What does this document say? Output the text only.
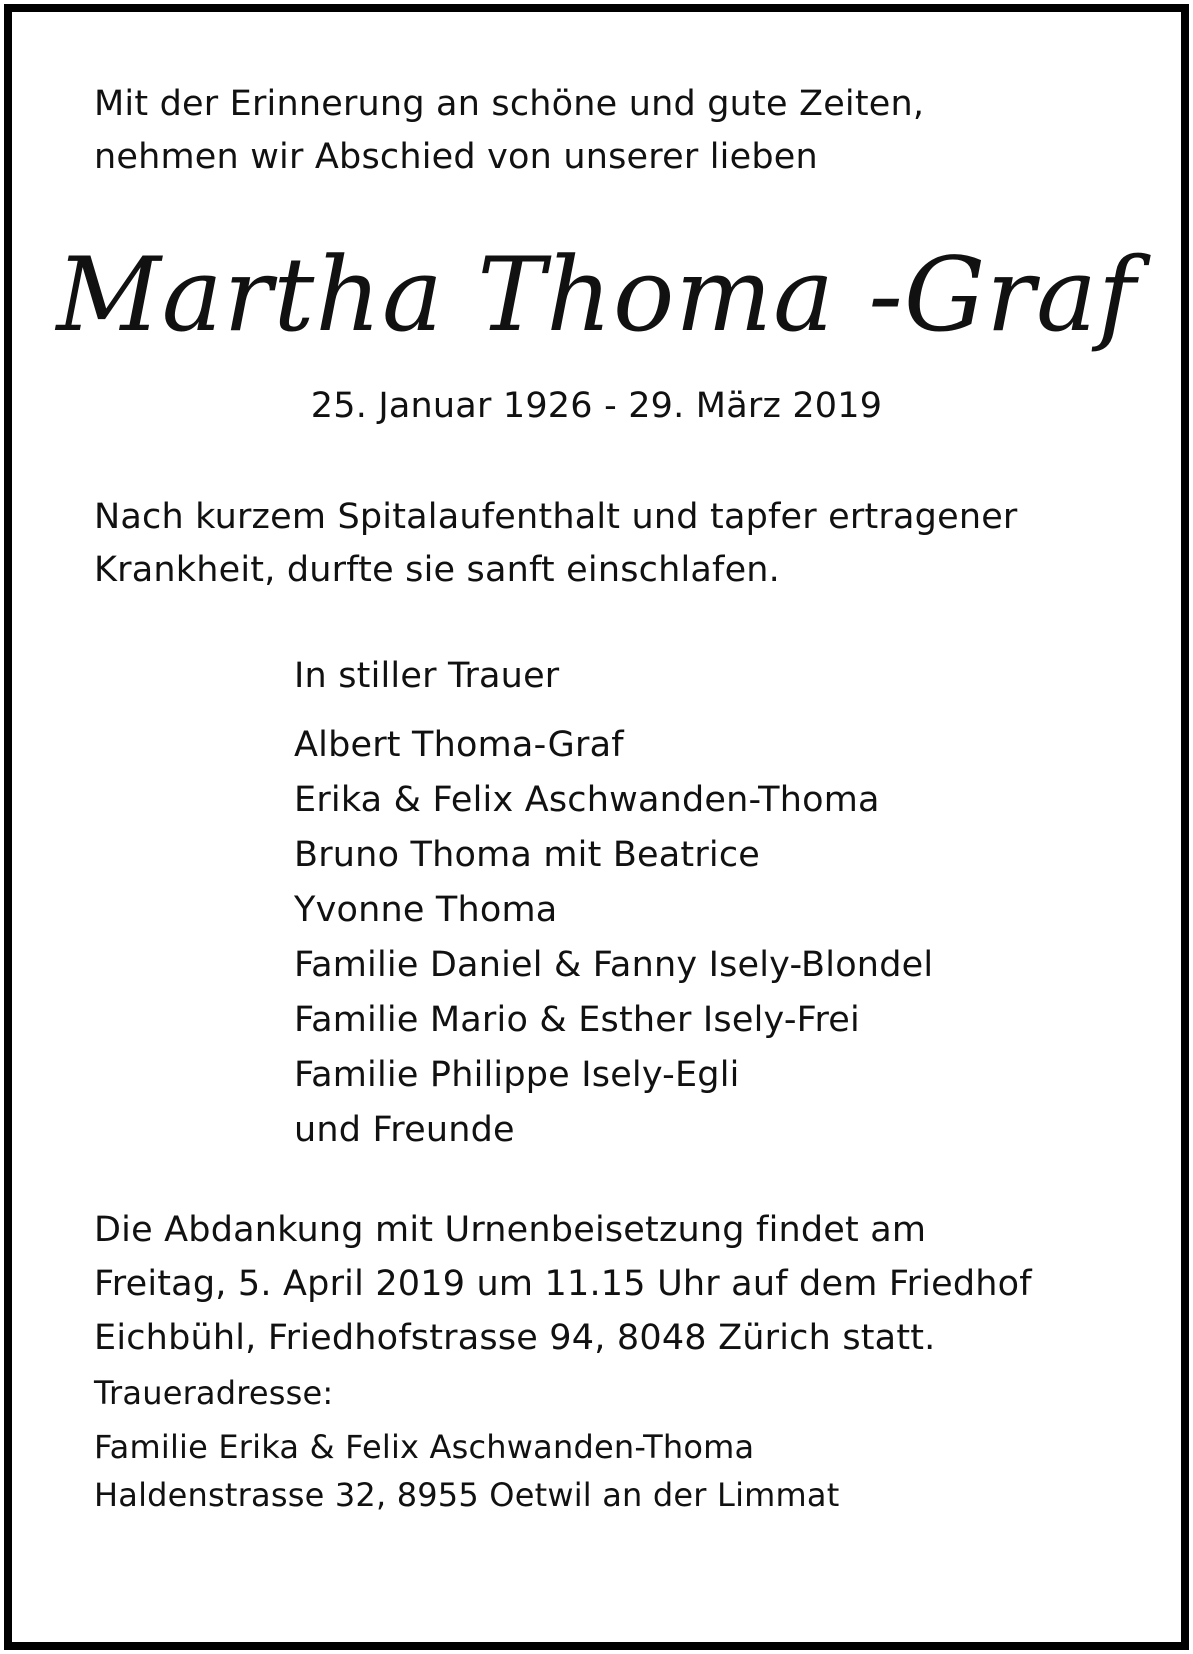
Mit der Erinnerung an schöne und gute Zeiten,
nehmen wir Abschied von unserer lieben
Martha Thoma -Graf
25. Januar 1926 - 29. März 2019
Nach kurzem Spitalaufenthalt und tapfer ertragener
Krankheit, durfte sie sanft einschlafen.
In stiller Trauer
Albert Thoma-Graf
Erika & Felix Aschwanden-Thoma
Bruno Thoma mit Beatrice
Yvonne Thoma
Familie Daniel & Fanny Isely-Blondel
Familie Mario & Esther Isely-Frei
Familie Philippe Isely-Egli
und Freunde
Die Abdankung mit Urnenbeisetzung findet am
Freitag, 5. April 2019 um 11.15 Uhr auf dem Friedhof
Eichbühl, Friedhofstrasse 94, 8048 Zürich statt.
Traueradresse:
Familie Erika & Felix Aschwanden-Thoma
Haldenstrasse 32, 8955 Oetwil an der Limmat
